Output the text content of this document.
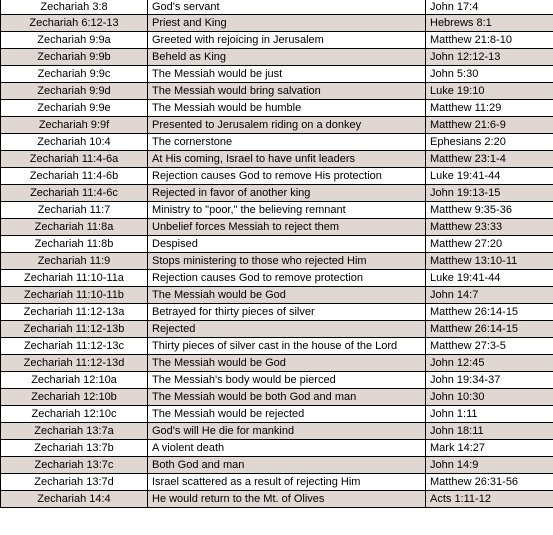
Zechariah 3:8	God's servant	John 17:4
Zechariah 6:12-13	Priest and King	Hebrews 8:1
Zechariah 9:9a	Greeted with rejoicing in Jerusalem	Matthew 21:8-10
Zechariah 9:9b	Beheld as King	John 12:12-13
Zechariah 9:9c	The Messiah would be just	John 5:30
Zechariah 9:9d	The Messiah would bring salvation	Luke 19:10
Zechariah 9:9e	The Messiah would be humble	Matthew 11:29
Zechariah 9:9f	Presented to Jerusalem riding on a donkey	Matthew 21:6-9
Zechariah 10:4	The cornerstone	Ephesians 2:20
Zechariah 11:4-6a	At His coming, Israel to have unfit leaders	Matthew 23:1-4
Zechariah 11:4-6b	Rejection causes God to remove His protection	Luke 19:41-44
Zechariah 11:4-6c	Rejected in favor of another king	John 19:13-15
Zechariah 11:7	Ministry to "poor," the believing remnant	Matthew 9:35-36
Zechariah 11:8a	Unbelief forces Messiah to reject them	Matthew 23:33
Zechariah 11:8b	Despised	Matthew 27:20
Zechariah 11:9	Stops ministering to those who rejected Him	Matthew 13:10-11
Zechariah 11:10-11a	Rejection causes God to remove protection	Luke 19:41-44
Zechariah 11:10-11b	The Messiah would be God	John 14:7
Zechariah 11:12-13a	Betrayed for thirty pieces of silver	Matthew 26:14-15
Zechariah 11:12-13b	Rejected	Matthew 26:14-15
Zechariah 11:12-13c	Thirty pieces of silver cast in the house of the Lord	Matthew 27:3-5
Zechariah 11:12-13d	The Messiah would be God	John 12:45
Zechariah 12:10a	The Messiah's body would be pierced	John 19:34-37
Zechariah 12:10b	The Messiah would be both God and man	John 10:30
Zechariah 12:10c	The Messiah would be rejected	John 1:11
Zechariah 13:7a	God's will He die for mankind	John 18:11
Zechariah 13:7b	A violent death	Mark 14:27
Zechariah 13:7c	Both God and man	John 14:9
Zechariah 13:7d	Israel scattered as a result of rejecting Him	Matthew 26:31-56
Zechariah 14:4	He would return to the Mt. of Olives	Acts 1:11-12
